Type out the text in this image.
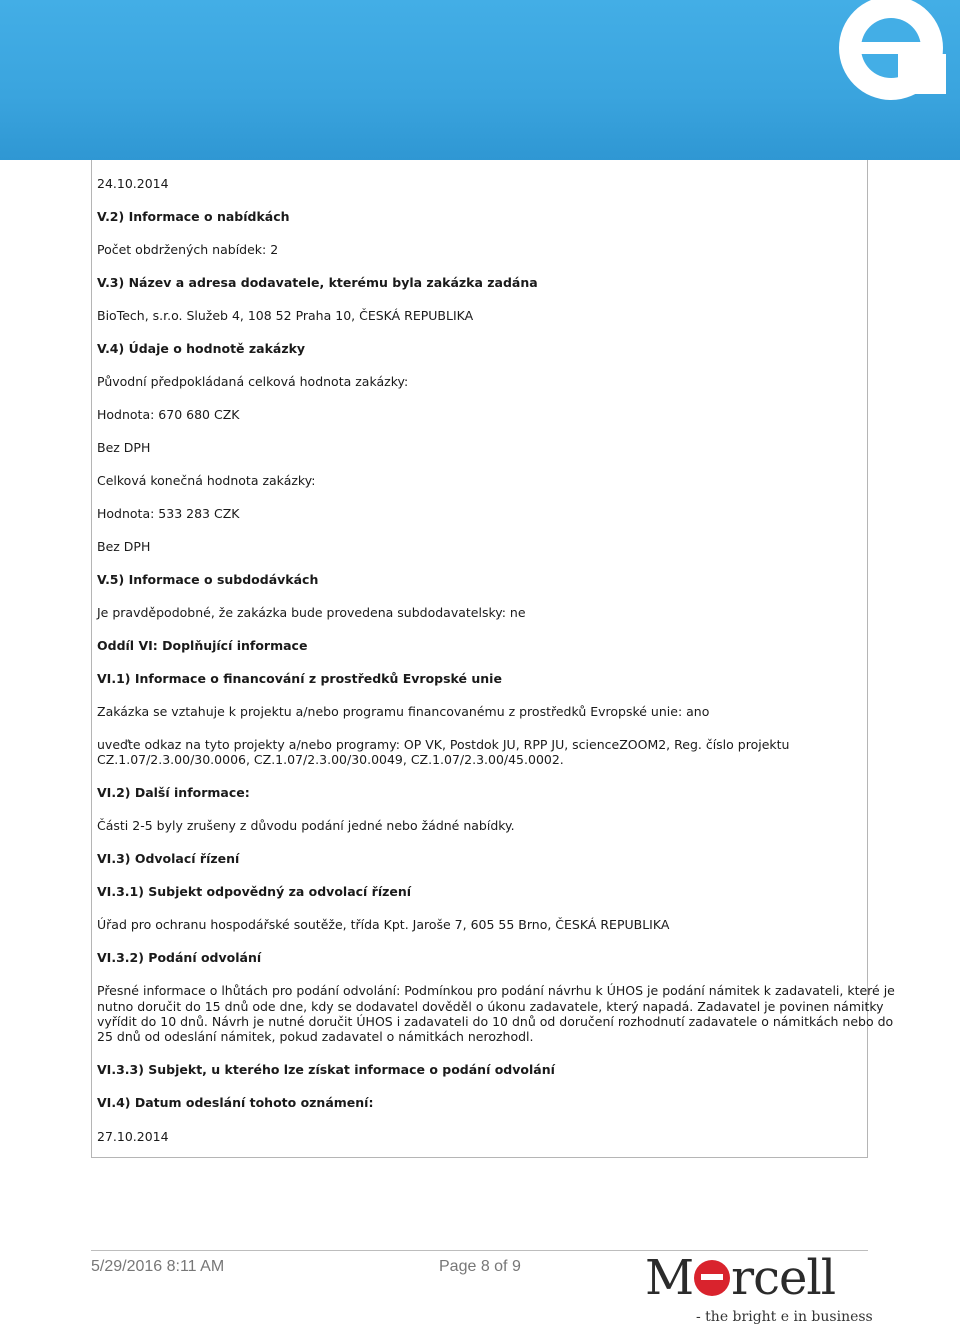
24.10.2014
V.2) Informace o nabídkách
Počet obdržených nabídek: 2
V.3) Název a adresa dodavatele, kterému byla zakázka zadána
BioTech, s.r.o. Služeb 4, 108 52 Praha 10, ČESKÁ REPUBLIKA
V.4) Údaje o hodnotě zakázky
Původní předpokládaná celková hodnota zakázky:
Hodnota: 670 680 CZK
Bez DPH
Celková konečná hodnota zakázky:
Hodnota: 533 283 CZK
Bez DPH
V.5) Informace o subdodávkách
Je pravděpodobné, že zakázka bude provedena subdodavatelsky: ne
Oddíl VI: Doplňující informace
VI.1) Informace o financování z prostředků Evropské unie
Zakázka se vztahuje k projektu a/nebo programu financovanému z prostředků Evropské unie: ano
uveďte odkaz na tyto projekty a/nebo programy: OP VK, Postdok JU, RPP JU, scienceZOOM2, Reg. číslo projektu
CZ.1.07/2.3.00/30.0006, CZ.1.07/2.3.00/30.0049, CZ.1.07/2.3.00/45.0002.
VI.2) Další informace:
Části 2-5 byly zrušeny z důvodu podání jedné nebo žádné nabídky.
VI.3) Odvolací řízení
VI.3.1) Subjekt odpovědný za odvolací řízení
Úřad pro ochranu hospodářské soutěže, třída Kpt. Jaroše 7, 605 55 Brno, ČESKÁ REPUBLIKA
VI.3.2) Podání odvolání
Přesné informace o lhůtách pro podání odvolání: Podmínkou pro podání návrhu k ÚHOS je podání námitek k zadavateli, které je
nutno doručit do 15 dnů ode dne, kdy se dodavatel dověděl o úkonu zadavatele, který napadá. Zadavatel je povinen námitky
vyřídit do 10 dnů. Návrh je nutné doručit ÚHOS i zadavateli do 10 dnů od doručení rozhodnutí zadavatele o námitkách nebo do
25 dnů od odeslání námitek, pokud zadavatel o námitkách nerozhodl.
VI.3.3) Subjekt, u kterého lze získat informace o podání odvolání
VI.4) Datum odeslání tohoto oznámení:
27.10.2014
5/29/2016 8:11 AM	Page 8 of 9	M rcell
- the bright e in business
